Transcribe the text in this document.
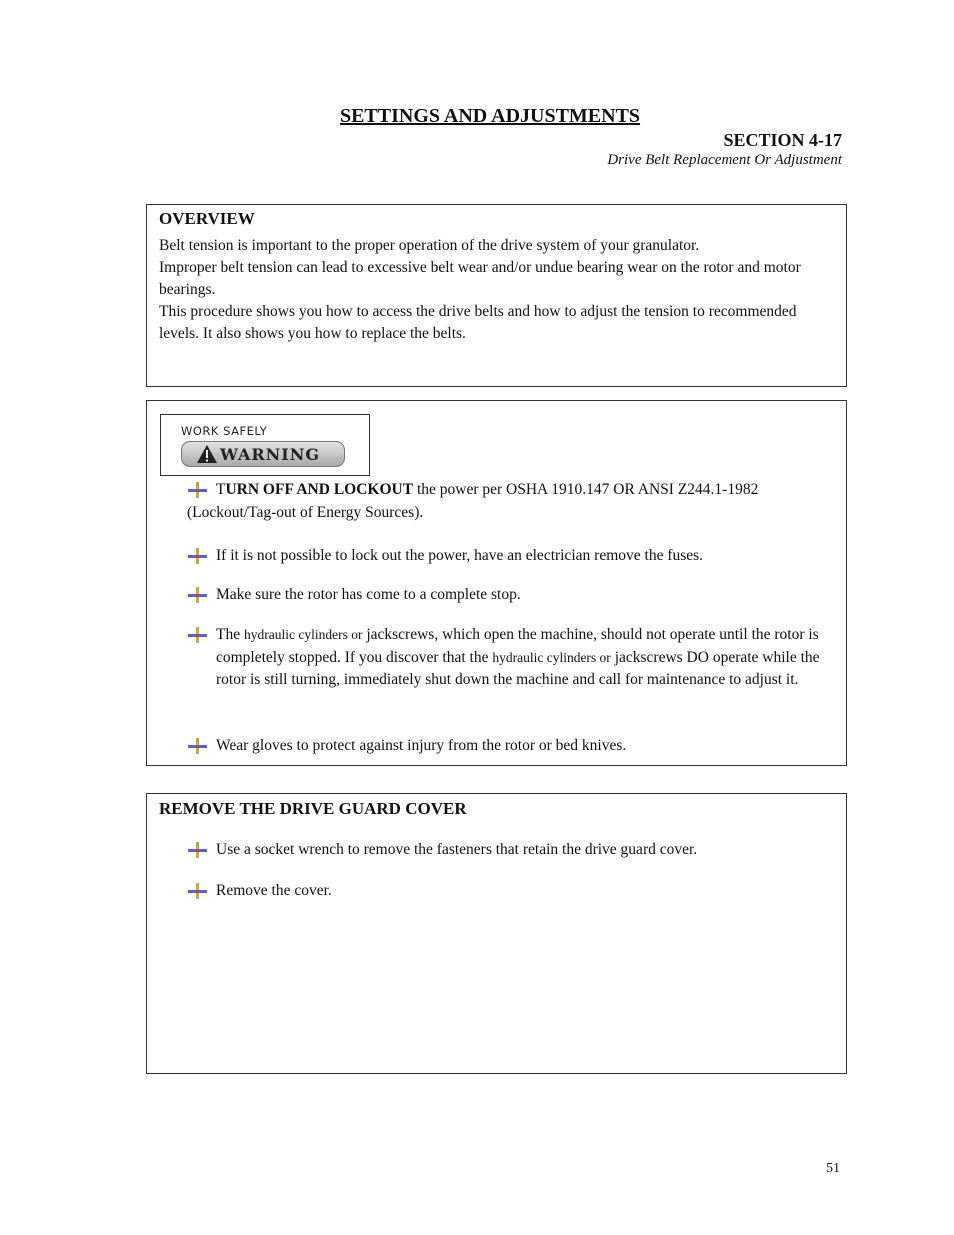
SETTINGS AND ADJUSTMENTS
SECTION 4-17
Drive Belt Replacement Or Adjustment
OVERVIEW

Belt tension is important to the proper operation of the drive system of your granulator.

Improper belt tension can lead to excessive belt wear and/or undue bearing wear on the rotor and motor bearings.

This procedure shows you how to access the drive belts and how to adjust the tension to recommended levels. It also shows you how to replace the belts.

WORK SAFELY
WARNING
TURN OFF AND LOCKOUT the power per OSHA 1910.147 OR ANSI Z244.1-1982 (Lockout/Tag-out of Energy Sources).
If it is not possible to lock out the power, have an electrician remove the fuses.
Make sure the rotor has come to a complete stop.
The hydraulic cylinders or jackscrews, which open the machine, should not operate until the rotor is completely stopped. If you discover that the hydraulic cylinders or jackscrews DO operate while the rotor is still turning, immediately shut down the machine and call for maintenance to adjust it.
Wear gloves to protect against injury from the rotor or bed knives.
REMOVE THE DRIVE GUARD COVER
Use a socket wrench to remove the fasteners that retain the drive guard cover.
Remove the cover.
51
